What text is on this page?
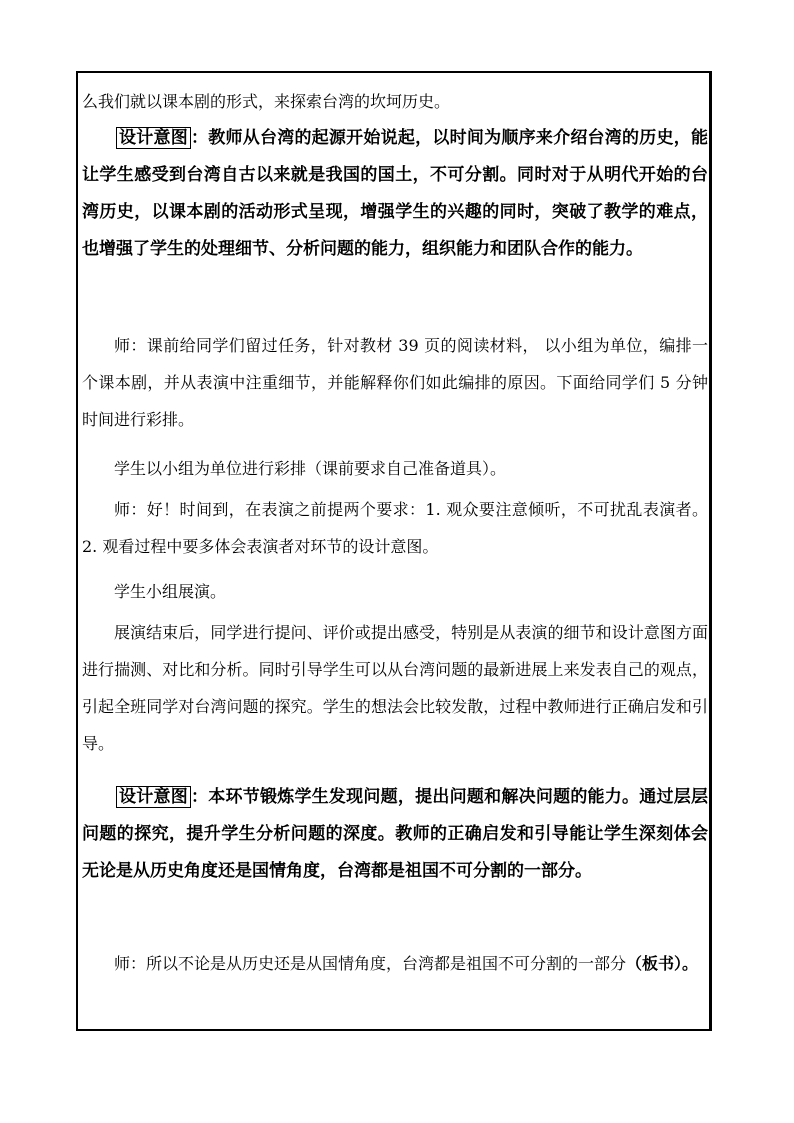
么我们就以课本剧的形式，来探索台湾的坎坷历史。

设计意图 ：教师从台湾的起源开始说起，以时间为顺序来介绍台湾的历史，能让学生感受到台湾自古以来就是我国的国土，不可分割。同时对于从明代开始的台湾历史，以课本剧的活动形式呈现，增强学生的兴趣的同时，突破了教学的难点，也增强了学生的处理细节、分析问题的能力，组织能力和团队合作的能力。

师：课前给同学们留过任务，针对教材 39 页的阅读材料， 以小组为单位，编排一个课本剧，并从表演中注重细节，并能解释你们如此编排的原因。下面给同学们 5 分钟时间进行彩排。

学生以小组为单位进行彩排（课前要求自己准备道具）。

师：好！时间到，在表演之前提两个要求：1. 观众要注意倾听，不可扰乱表演者。2. 观看过程中要多体会表演者对环节的设计意图。

学生小组展演。

展演结束后，同学进行提问、评价或提出感受，特别是从表演的细节和设计意图方面进行揣测、对比和分析。同时引导学生可以从台湾问题的最新进展上来发表自己的观点，引起全班同学对台湾问题的探究。学生的想法会比较发散，过程中教师进行正确启发和引导。

设计意图 ：本环节锻炼学生发现问题，提出问题和解决问题的能力。通过层层问题的探究，提升学生分析问题的深度。教师的正确启发和引导能让学生深刻体会无论是从历史角度还是国情角度，台湾都是祖国不可分割的一部分。

师：所以不论是从历史还是从国情角度，台湾都是祖国不可分割的一部分（板书）。
